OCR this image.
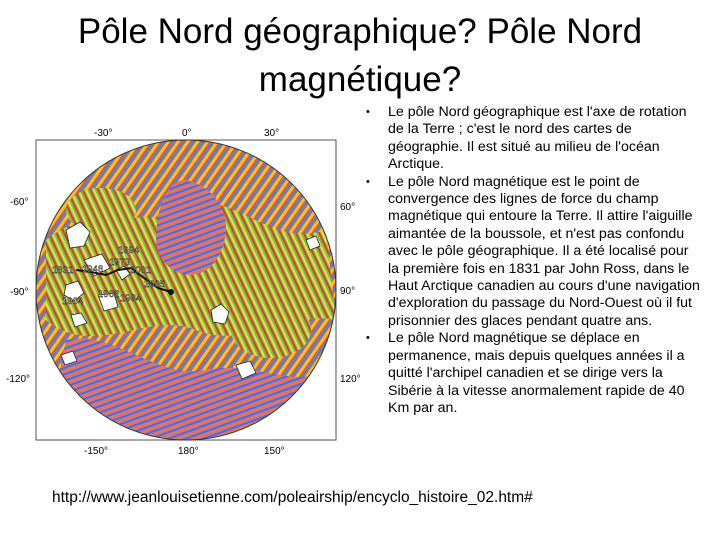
Pôle Nord géographique? Pôle Nord magnétique?
-30°	0°	30°
-60°
-90°
-120°
60°
90°
120°
-150°	180°	150°
1994
1973
1831 1948	2001
2005
1904
1962 1984
• Le pôle Nord géographique est l'axe de rotation de la Terre ; c'est le nord des cartes de géographie. Il est situé au milieu de l'océan Arctique.
• Le pôle Nord magnétique est le point de convergence des lignes de force du champ magnétique qui entoure la Terre. Il attire l'aiguille aimantée de la boussole, et n'est pas confondu avec le pôle géographique. Il a été localisé pour la première fois en 1831 par John Ross, dans le Haut Arctique canadien au cours d'une navigation d'exploration du passage du Nord-Ouest où il fut prisonnier des glaces pendant quatre ans.
• Le pôle Nord magnétique se déplace en permanence, mais depuis quelques années il a quitté l'archipel canadien et se dirige vers la Sibérie à la vitesse anormalement rapide de 40 Km par an.
http://www.jeanlouisetienne.com/poleairship/encyclo_histoire_02.htm#
